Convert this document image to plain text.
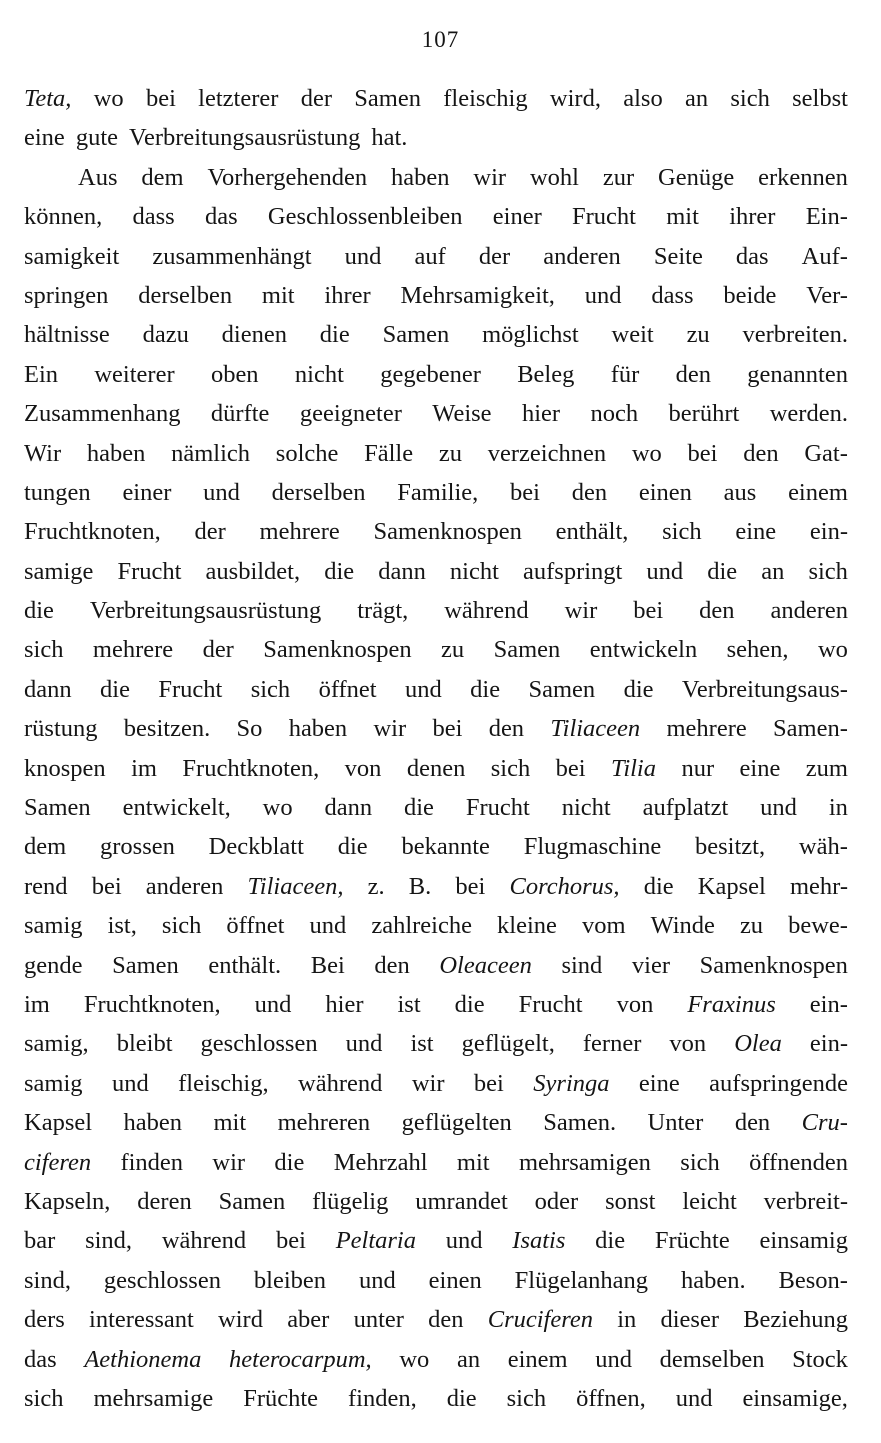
107
Teta, wo bei letzterer der Samen fleischig wird, also an sich selbst
eine gute Verbreitungsausrüstung hat.
Aus dem Vorhergehenden haben wir wohl zur Genüge erkennen
können, dass das Geschlossenbleiben einer Frucht mit ihrer Ein-
samigkeit zusammenhängt und auf der anderen Seite das Auf-
springen derselben mit ihrer Mehrsamigkeit, und dass beide Ver-
hältnisse dazu dienen die Samen möglichst weit zu verbreiten.
Ein weiterer oben nicht gegebener Beleg für den genannten
Zusammenhang dürfte geeigneter Weise hier noch berührt werden.
Wir haben nämlich solche Fälle zu verzeichnen wo bei den Gat-
tungen einer und derselben Familie, bei den einen aus einem
Fruchtknoten, der mehrere Samenknospen enthält, sich eine ein-
samige Frucht ausbildet, die dann nicht aufspringt und die an sich
die Verbreitungsausrüstung trägt, während wir bei den anderen
sich mehrere der Samenknospen zu Samen entwickeln sehen, wo
dann die Frucht sich öffnet und die Samen die Verbreitungsaus-
rüstung besitzen. So haben wir bei den Tiliaceen mehrere Samen-
knospen im Fruchtknoten, von denen sich bei Tilia nur eine zum
Samen entwickelt, wo dann die Frucht nicht aufplatzt und in
dem grossen Deckblatt die bekannte Flugmaschine besitzt, wäh-
rend bei anderen Tiliaceen, z. B. bei Corchorus, die Kapsel mehr-
samig ist, sich öffnet und zahlreiche kleine vom Winde zu bewe-
gende Samen enthält. Bei den Oleaceen sind vier Samenknospen
im Fruchtknoten, und hier ist die Frucht von Fraxinus ein-
samig, bleibt geschlossen und ist geflügelt, ferner von Olea ein-
samig und fleischig, während wir bei Syringa eine aufspringende
Kapsel haben mit mehreren geflügelten Samen. Unter den Cru-
ciferen finden wir die Mehrzahl mit mehrsamigen sich öffnenden
Kapseln, deren Samen flügelig umrandet oder sonst leicht verbreit-
bar sind, während bei Peltaria und Isatis die Früchte einsamig
sind, geschlossen bleiben und einen Flügelanhang haben. Beson-
ders interessant wird aber unter den Cruciferen in dieser Beziehung
das Aethionema heterocarpum, wo an einem und demselben Stock
sich mehrsamige Früchte finden, die sich öffnen, und einsamige,
